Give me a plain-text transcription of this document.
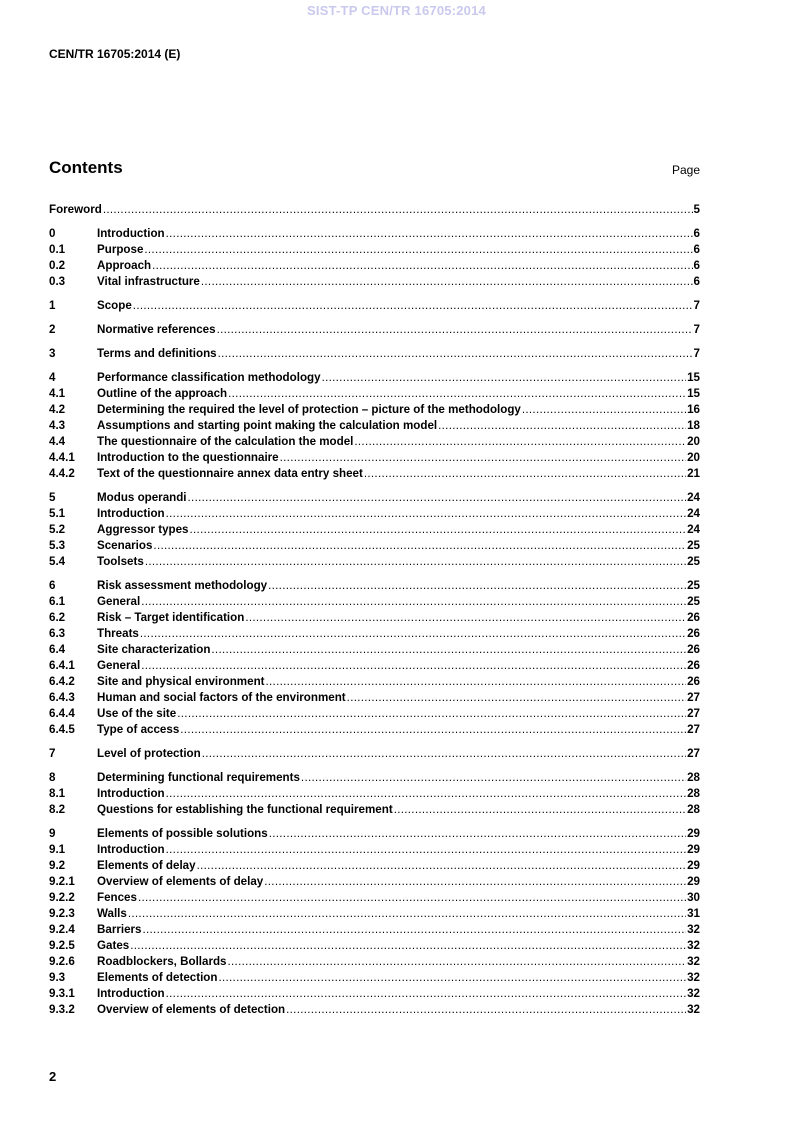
SIST-TP CEN/TR 16705:2014
CEN/TR 16705:2014 (E)
Contents	Page
Foreword .....	5
0	Introduction .....	6
0.1	Purpose .....	6
0.2	Approach .....	6
0.3	Vital infrastructure .....	6
1	Scope .....	7
2	Normative references .....	7
3	Terms and definitions .....	7
4	Performance classification methodology .....	15
4.1	Outline of the approach .....	15
4.2	Determining the required the level of protection – picture of the methodology .....	16
4.3	Assumptions and starting point making the calculation model .....	18
4.4	The questionnaire of the calculation the model .....	20
4.4.1	Introduction to the questionnaire .....	20
4.4.2	Text of the questionnaire annex data entry sheet .....	21
5	Modus operandi .....	24
5.1	Introduction .....	24
5.2	Aggressor types .....	24
5.3	Scenarios .....	25
5.4	Toolsets .....	25
6	Risk assessment methodology .....	25
6.1	General .....	25
6.2	Risk – Target identification .....	26
6.3	Threats .....	26
6.4	Site characterization .....	26
6.4.1	General .....	26
6.4.2	Site and physical environment .....	26
6.4.3	Human and social factors of the environment .....	27
6.4.4	Use of the site .....	27
6.4.5	Type of access .....	27
7	Level of protection .....	27
8	Determining functional requirements .....	28
8.1	Introduction .....	28
8.2	Questions for establishing the functional requirement .....	28
9	Elements of possible solutions .....	29
9.1	Introduction .....	29
9.2	Elements of delay .....	29
9.2.1	Overview of elements of delay .....	29
9.2.2	Fences .....	30
9.2.3	Walls .....	31
9.2.4	Barriers .....	32
9.2.5	Gates .....	32
9.2.6	Roadblockers, Bollards .....	32
9.3	Elements of detection .....	32
9.3.1	Introduction .....	32
9.3.2	Overview of elements of detection .....	32
2
